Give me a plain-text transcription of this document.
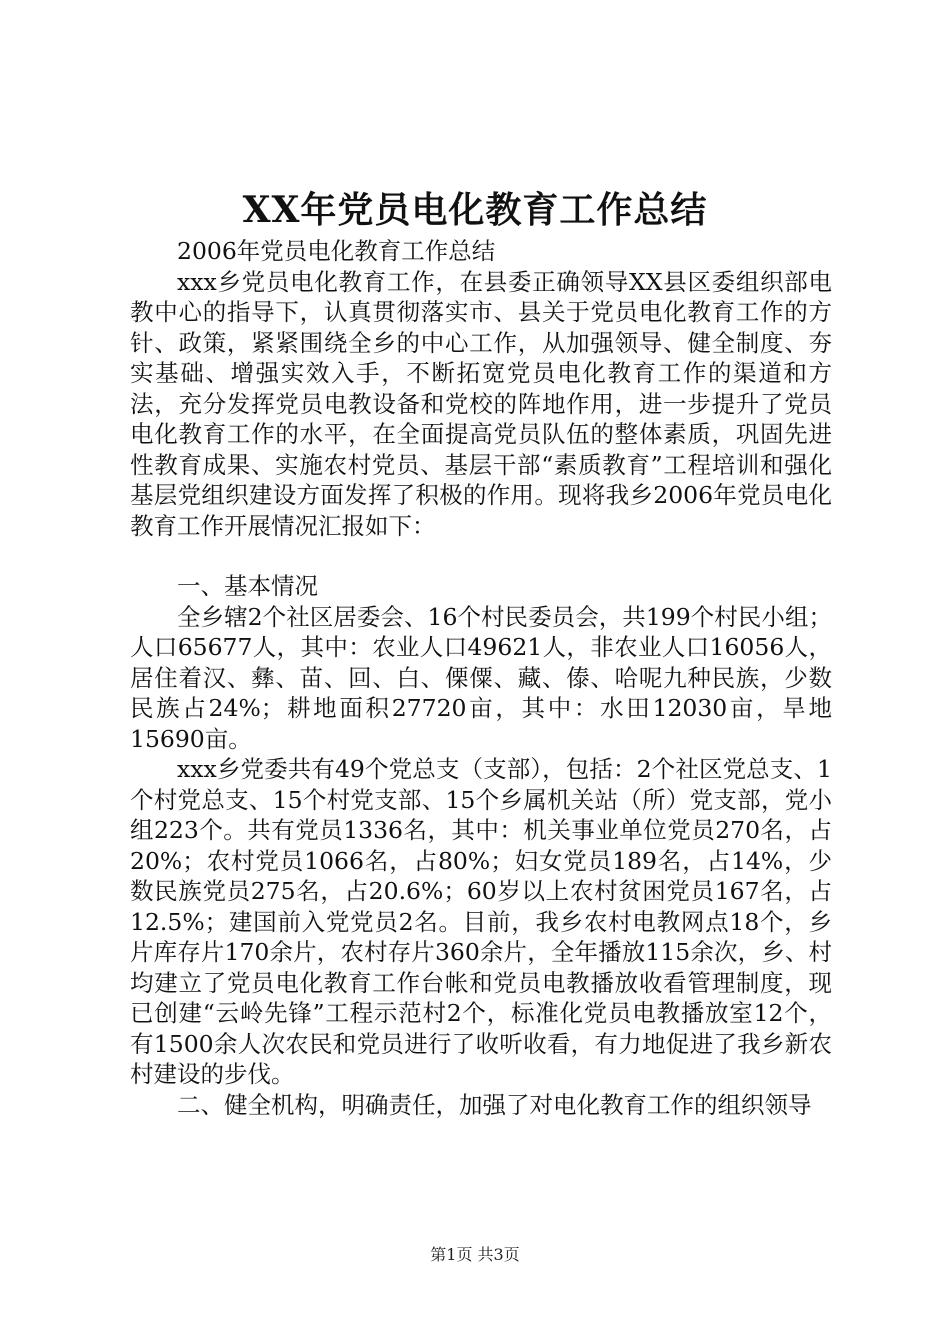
XX年党员电化教育工作总结

2006年党员电化教育工作总结

xxx乡党员电化教育工作，在县委正确领导XX县区委组织部电教中心的指导下，认真贯彻落实市、县关于党员电化教育工作的方针、政策，紧紧围绕全乡的中心工作，从加强领导、健全制度、夯实基础、增强实效入手，不断拓宽党员电化教育工作的渠道和方法，充分发挥党员电教设备和党校的阵地作用，进一步提升了党员电化教育工作的水平，在全面提高党员队伍的整体素质，巩固先进性教育成果、实施农村党员、基层干部“素质教育”工程培训和强化基层党组织建设方面发挥了积极的作用。现将我乡2006年党员电化教育工作开展情况汇报如下：

一、基本情况

全乡辖2个社区居委会、16个村民委员会，共199个村民小组；人口65677人，其中：农业人口49621人，非农业人口16056人，居住着汉、彝、苗、回、白、傈僳、藏、傣、哈呢九种民族，少数民族占24%；耕地面积27720亩，其中：水田12030亩，旱地15690亩。

xxx乡党委共有49个党总支（支部），包括：2个社区党总支、1个村党总支、15个村党支部、15个乡属机关站（所）党支部，党小组223个。共有党员1336名，其中：机关事业单位党员270名，占20%；农村党员1066名，占80%；妇女党员189名，占14%，少数民族党员275名，占20.6%；60岁以上农村贫困党员167名，占12.5%；建国前入党党员2名。目前，我乡农村电教网点18个，乡片库存片170余片，农村存片360余片，全年播放115余次，乡、村均建立了党员电化教育工作台帐和党员电教播放收看管理制度，现已创建“云岭先锋”工程示范村2个，标准化党员电教播放室12个，有1500余人次农民和党员进行了收听收看，有力地促进了我乡新农村建设的步伐。

二、健全机构，明确责任，加强了对电化教育工作的组织领导

第1页 共3页
